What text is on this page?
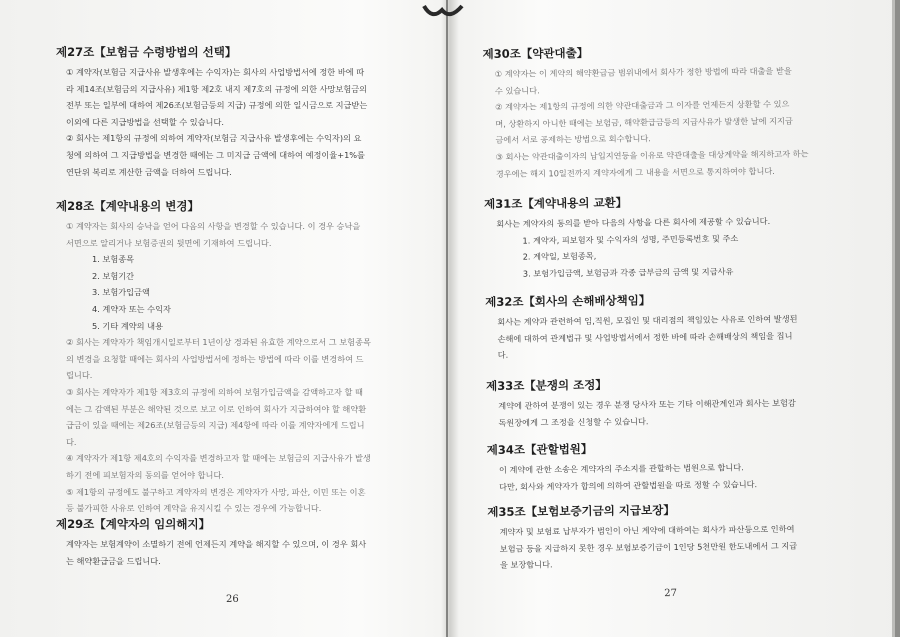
제27조【보험금 수령방법의 선택】
① 계약자(보험금 지급사유 발생후에는 수익자)는 회사의 사업방법서에 정한 바에 따
라 제14조(보험금의 지급사유) 제1항 제2호 내지 제7호의 규정에 의한 사망보험금의
전부 또는 일부에 대하여 제26조(보험금등의 지급) 규정에 의한 일시금으로 지급받는
이외에 다른 지급방법을 선택할 수 있습니다.
② 회사는 제1항의 규정에 의하여 계약자(보험금 지급사유 발생후에는 수익자)의 요
청에 의하여 그 지급방법을 변경한 때에는 그 미지급 금액에 대하여 예정이율+1%를
연단위 복리로 계산한 금액을 더하여 드립니다.
제28조【계약내용의 변경】
① 계약자는 회사의 승낙을 얻어 다음의 사항을 변경할 수 있습니다. 이 경우 승낙을
서면으로 알리거나 보험증권의 뒷면에 기재하여 드립니다.
1. 보험종목
2. 보험기간
3. 보험가입금액
4. 계약자 또는 수익자
5. 기타 계약의 내용
② 회사는 계약자가 책임개시일로부터 1년이상 경과된 유효한 계약으로서 그 보험종목
의 변경을 요청할 때에는 회사의 사업방법서에 정하는 방법에 따라 이를 변경하여 드
립니다.
③ 회사는 계약자가 제1항 제3호의 규정에 의하여 보험가입금액을 감액하고자 할 때
에는 그 감액된 부분은 해약된 것으로 보고 이로 인하여 회사가 지급하여야 할 해약환
급금이 있을 때에는 제26조(보험금등의 지급) 제4항에 따라 이를 계약자에게 드립니
다.
④ 계약자가 제1항 제4호의 수익자를 변경하고자 할 때에는 보험금의 지급사유가 발생
하기 전에 피보험자의 동의를 얻어야 합니다.
⑤ 제1항의 규정에도 불구하고 계약자의 변경은 계약자가 사망, 파산, 이민 또는 이혼
등 불가피한 사유로 인하여 계약을 유지시킬 수 있는 경우에 가능합니다.
제29조【계약자의 임의해지】
계약자는 보험계약이 소멸하기 전에 언제든지 계약을 해지할 수 있으며, 이 경우 회사
는 해약환급금을 드립니다.
26
제30조【약관대출】
① 계약자는 이 계약의 해약환급금 범위내에서 회사가 정한 방법에 따라 대출을 받을
수 있습니다.
② 계약자는 제1항의 규정에 의한 약관대출금과 그 이자를 언제든지 상환할 수 있으
며, 상환하지 아니한 때에는 보험금, 해약환급금등의 지급사유가 발생한 날에 지지급
금에서 서로 공제하는 방법으로 회수합니다.
③ 회사는 약관대출이자의 납입지연등을 이유로 약관대출을 대상계약을 해지하고자 하는
경우에는 해지 10일전까지 계약자에게 그 내용을 서면으로 통지하여야 합니다.
제31조【계약내용의 교환】
회사는 계약자의 동의를 받아 다음의 사항을 다른 회사에 제공할 수 있습니다.
1. 계약자, 피보험자 및 수익자의 성명, 주민등록번호 및 주소
2. 계약일, 보험종목,
3. 보험가입금액, 보험금과 각종 급부금의 금액 및 지급사유
제32조【회사의 손해배상책임】
회사는 계약과 관련하여 임,직원, 모집인 및 대리점의 책임있는 사유로 인하여 발생된
손해에 대하여 관계법규 및 사업방법서에서 정한 바에 따라 손해배상의 책임을 집니
다.
제33조【분쟁의 조정】
계약에 관하여 분쟁이 있는 경우 분쟁 당사자 또는 기타 이해관계인과 회사는 보험감
독원장에게 그 조정을 신청할 수 있습니다.
제34조【관할법원】
이 계약에 관한 소송은 계약자의 주소지를 관할하는 법원으로 합니다.
다만, 회사와 계약자가 합의에 의하여 관할법원을 따로 정할 수 있습니다.
제35조【보험보증기금의 지급보장】
계약자 및 보험료 납부자가 법인이 아닌 계약에 대하여는 회사가 파산등으로 인하여
보험금 등을 지급하지 못한 경우 보험보증기금이 1인당 5천만원 한도내에서 그 지급
을 보장합니다.
27
